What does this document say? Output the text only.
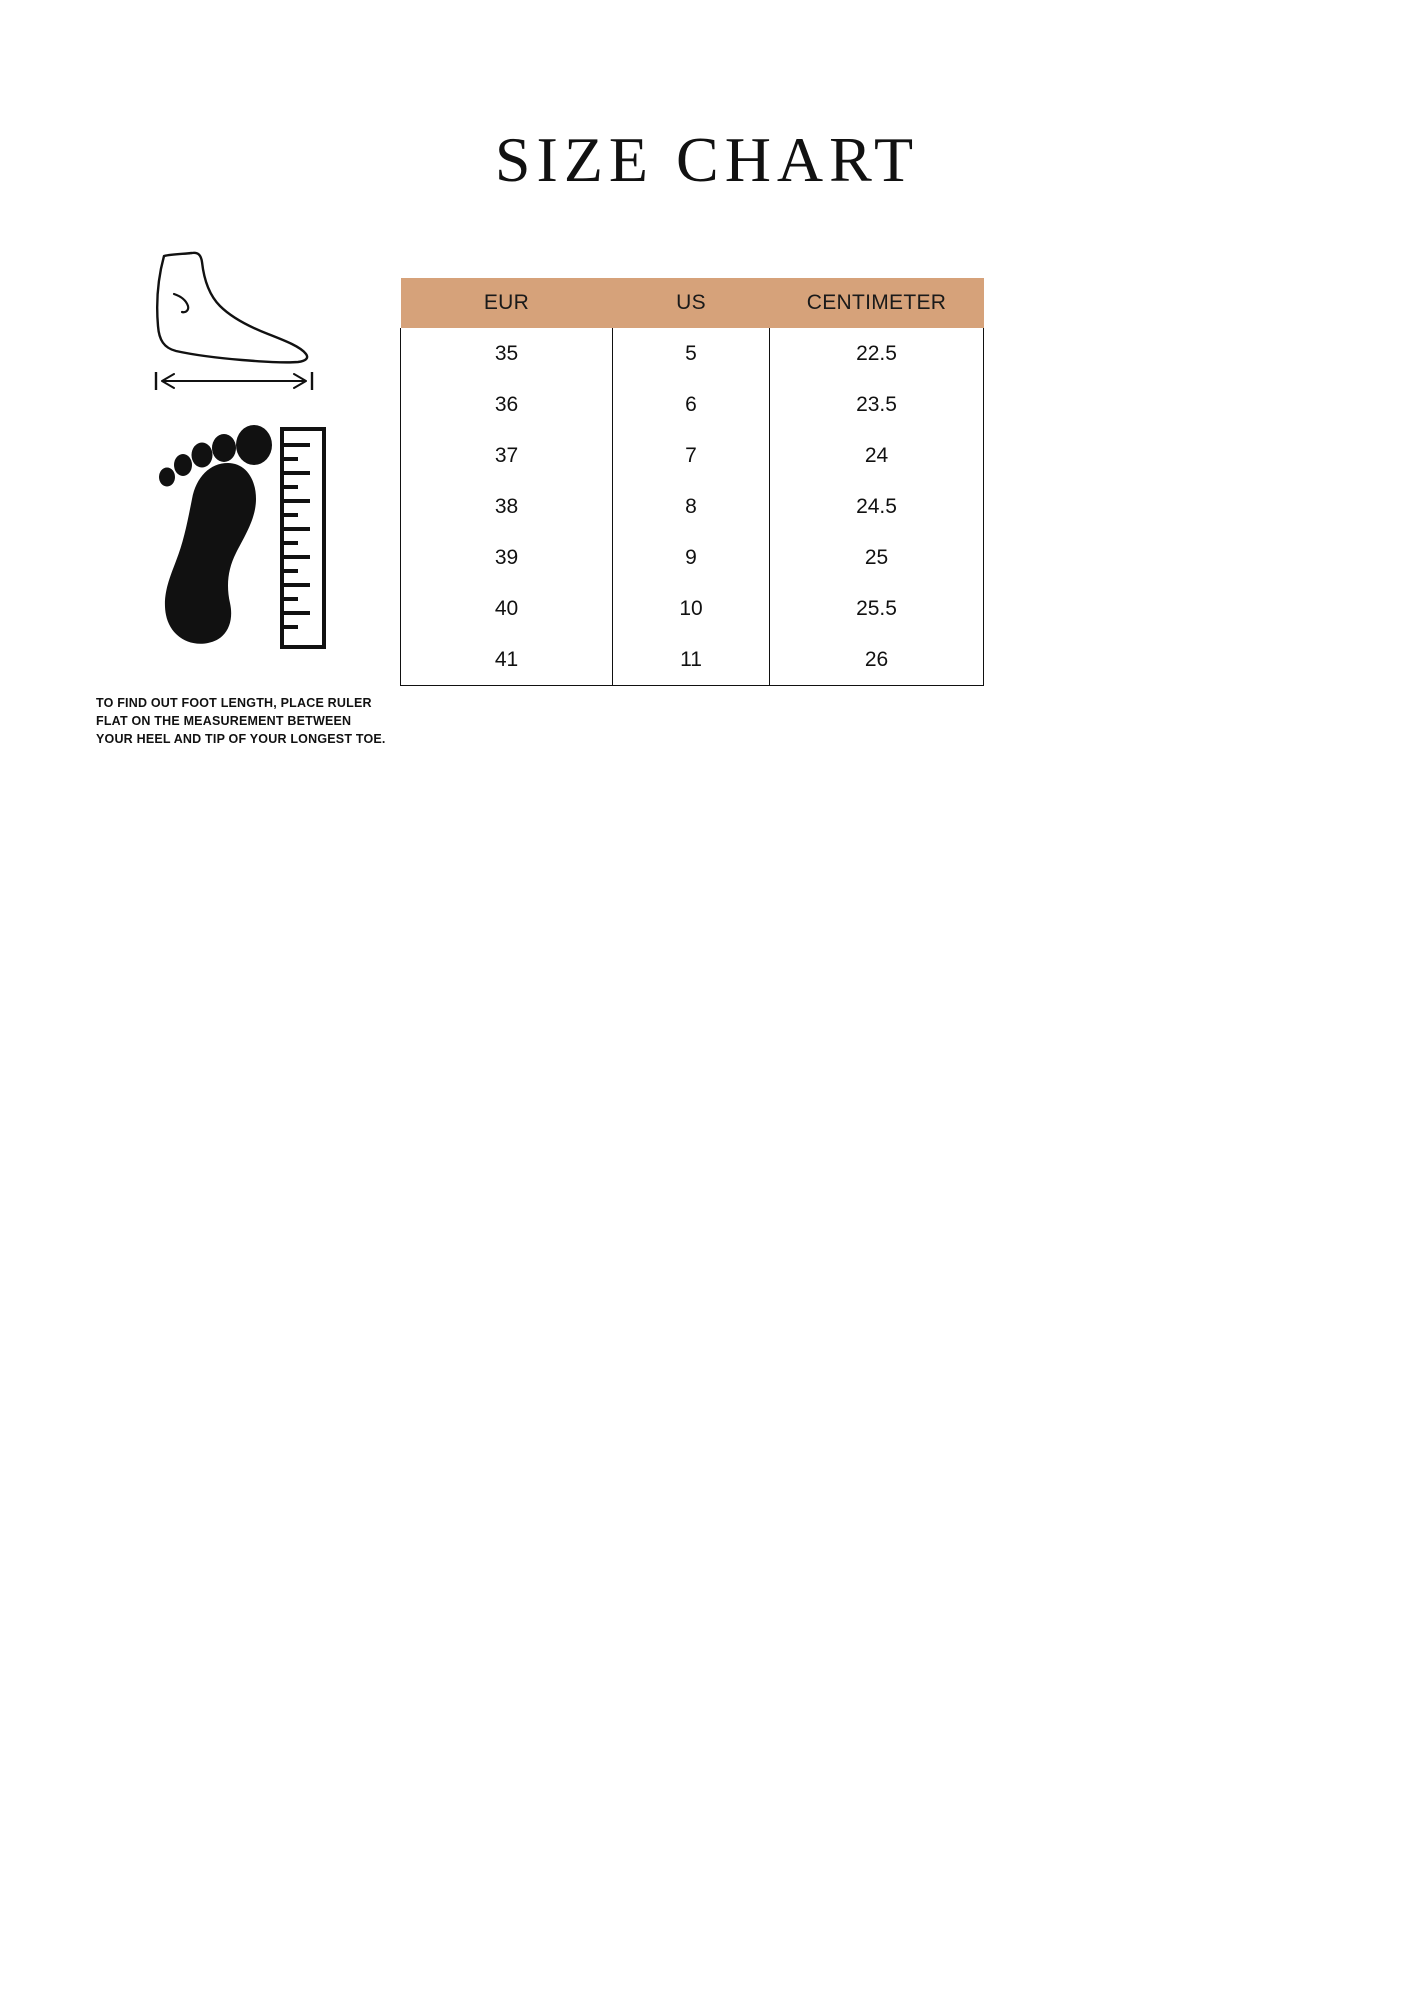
SIZE CHART

TO FIND OUT FOOT LENGTH, PLACE RULER FLAT ON THE MEASUREMENT BETWEEN YOUR HEEL AND TIP OF YOUR LONGEST TOE.
EUR	US	CENTIMETER
35	5	22.5
36	6	23.5
37	7	24
38	8	24.5
39	9	25
40	10	25.5
41	11	26
